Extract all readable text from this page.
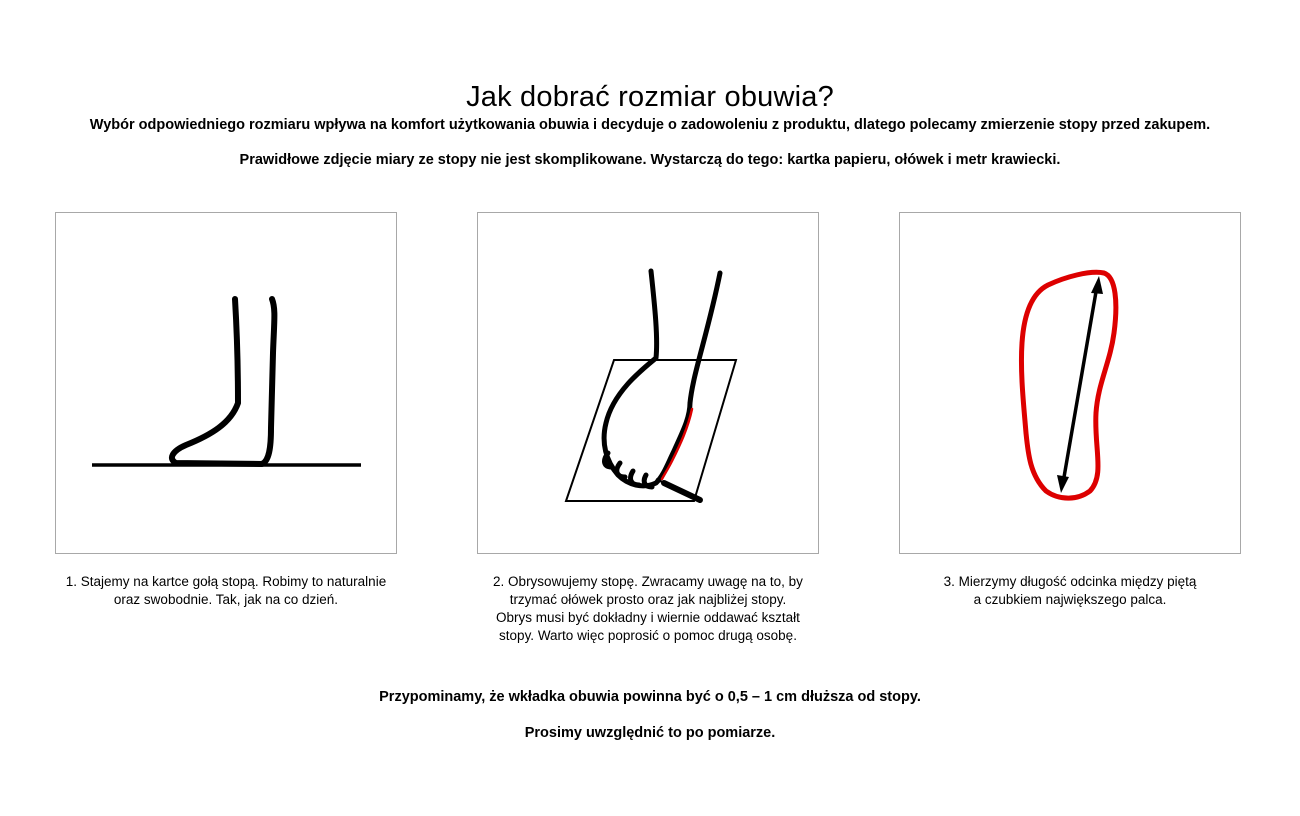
Jak dobrać rozmiar obuwia?
Wybór odpowiedniego rozmiaru wpływa na komfort użytkowania obuwia i decyduje o zadowoleniu z produktu, dlatego polecamy zmierzenie stopy przed zakupem.
Prawidłowe zdjęcie miary ze stopy nie jest skomplikowane. Wystarczą do tego: kartka papieru, ołówek i metr krawiecki.
1. Stajemy na kartce gołą stopą. Robimy to naturalnie
oraz swobodnie. Tak, jak na co dzień.
2. Obrysowujemy stopę. Zwracamy uwagę na to, by
trzymać ołówek prosto oraz jak najbliżej stopy.
Obrys musi być dokładny i wiernie oddawać kształt
stopy. Warto więc poprosić o pomoc drugą osobę.
3. Mierzymy długość odcinka między piętą
a czubkiem największego palca.
Przypominamy, że wkładka obuwia powinna być o 0,5 – 1 cm dłuższa od stopy.
Prosimy uwzględnić to po pomiarze.
